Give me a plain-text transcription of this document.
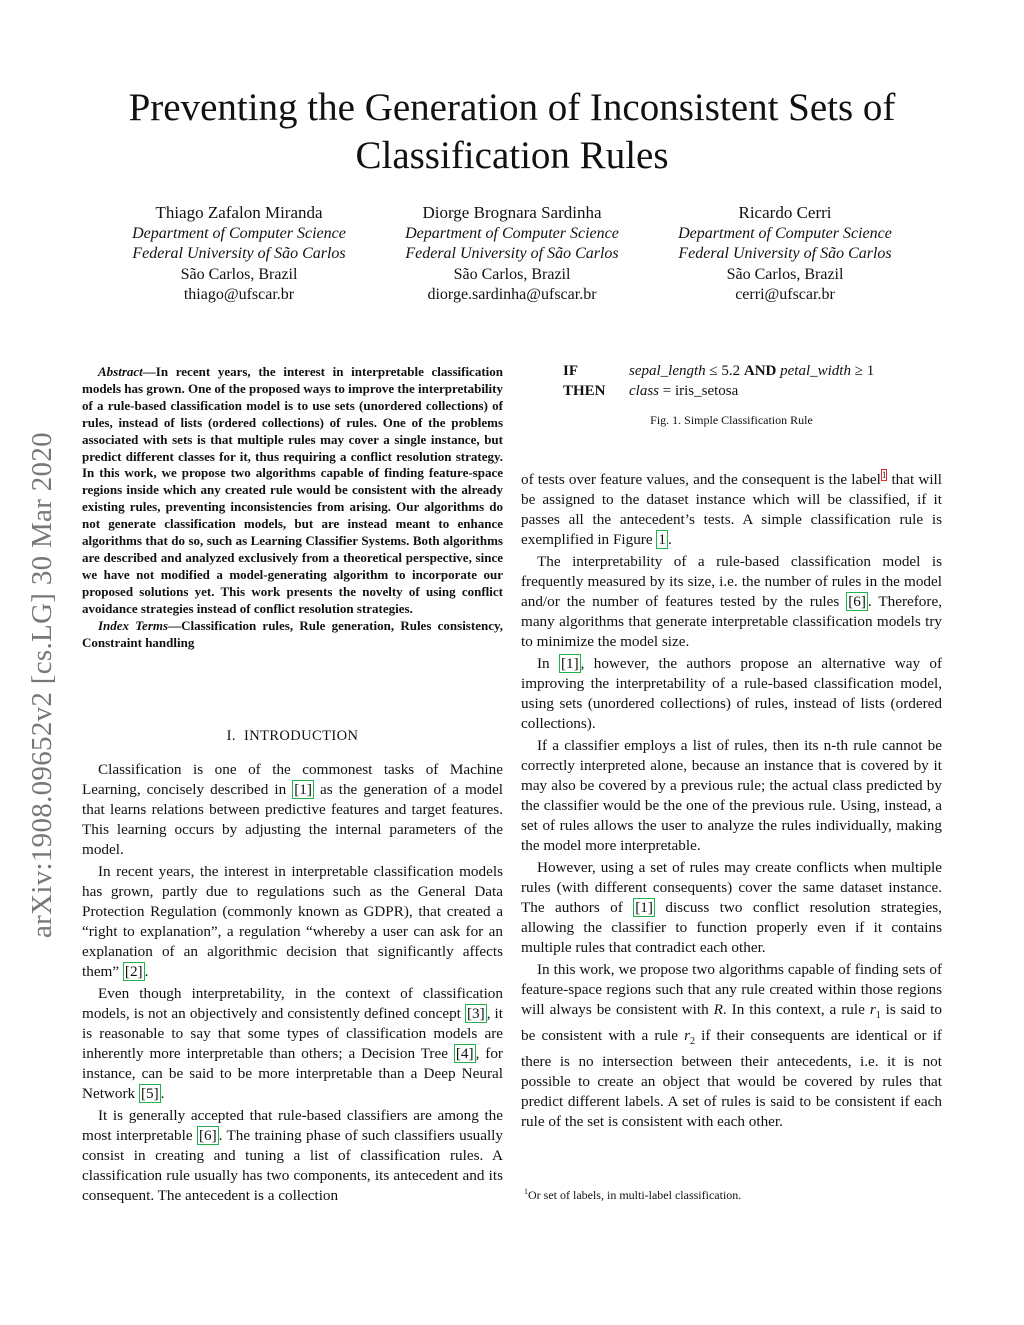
Preventing the Generation of Inconsistent Sets of
Classification Rules
Thiago Zafalon Miranda
Department of Computer Science
Federal University of São Carlos
São Carlos, Brazil
thiago@ufscar.br
Diorge Brognara Sardinha
Department of Computer Science
Federal University of São Carlos
São Carlos, Brazil
diorge.sardinha@ufscar.br
Ricardo Cerri
Department of Computer Science
Federal University of São Carlos
São Carlos, Brazil
cerri@ufscar.br
arXiv:1908.09652v2 [cs.LG] 30 Mar 2020

Abstract—In recent years, the interest in interpretable classification models has grown. One of the proposed ways to improve the interpretability of a rule-based classification model is to use sets (unordered collections) of rules, instead of lists (ordered collections) of rules. One of the problems associated with sets is that multiple rules may cover a single instance, but predict different classes for it, thus requiring a conflict resolution strategy. In this work, we propose two algorithms capable of finding feature-space regions inside which any created rule would be consistent with the already existing rules, preventing inconsistencies from arising. Our algorithms do not generate classification models, but are instead meant to enhance algorithms that do so, such as Learning Classifier Systems. Both algorithms are described and analyzed exclusively from a theoretical perspective, since we have not modified a model-generating algorithm to incorporate our proposed solutions yet. This work presents the novelty of using conflict avoidance strategies instead of conflict resolution strategies.

Index Terms—Classification rules, Rule generation, Rules consistency, Constraint handling

I. INTRODUCTION

Classification is one of the commonest tasks of Machine Learning, concisely described in [1] as the generation of a model that learns relations between predictive features and target features. This learning occurs by adjusting the internal parameters of the model.

In recent years, the interest in interpretable classification models has grown, partly due to regulations such as the General Data Protection Regulation (commonly known as GDPR), that created a “right to explanation”, a regulation “whereby a user can ask for an explanation of an algorithmic decision that significantly affects them” [2] .

Even though interpretability, in the context of classification models, is not an objectively and consistently defined concept [3] , it is reasonable to say that some types of classification models are inherently more interpretable than others; a Decision Tree [4] , for instance, can be said to be more interpretable than a Deep Neural Network [5] .

It is generally accepted that rule-based classifiers are among the most interpretable [6] . The training phase of such classifiers usually consist in creating and tuning a list of classification rules. A classification rule usually has two components, its antecedent and its consequent. The antecedent is a collection

IF	sepal_length ≤ 5.2 AND petal_width ≥ 1
THEN	class = iris_setosa
Fig. 1. Simple Classification Rule

of tests over feature values, and the consequent is the label$^1$ that will be assigned to the dataset instance which will be classified, if it passes all the antecedent’s tests. A simple classification rule is exemplified in Figure 1 .

The interpretability of a rule-based classification model is frequently measured by its size, i.e. the number of rules in the model and/or the number of features tested by the rules [6] . Therefore, many algorithms that generate interpretable classification models try to minimize the model size.

In [1] , however, the authors propose an alternative way of improving the interpretability of a rule-based classification model, using sets (unordered collections) of rules, instead of lists (ordered collections).

If a classifier employs a list of rules, then its n-th rule cannot be correctly interpreted alone, because an instance that is covered by it may also be covered by a previous rule; the actual class predicted by the classifier would be the one of the previous rule. Using, instead, a set of rules allows the user to analyze the rules individually, making the model more interpretable.

However, using a set of rules may create conflicts when multiple rules (with different consequents) cover the same dataset instance. The authors of [1] discuss two conflict resolution strategies, allowing the classifier to function properly even if it contains multiple rules that contradict each other.

In this work, we propose two algorithms capable of finding sets of feature-space regions such that any rule created within those regions will always be consistent with R. In this context, a rule $r_1$ is said to be consistent with a rule $r_2$ if their consequents are identical or if there is no intersection between their antecedents, i.e. it is not possible to create an object that would be covered by rules that predict different labels. A set of rules is said to be consistent if each rule of the set is consistent with each other.

$^1$Or set of labels, in multi-label classification.
